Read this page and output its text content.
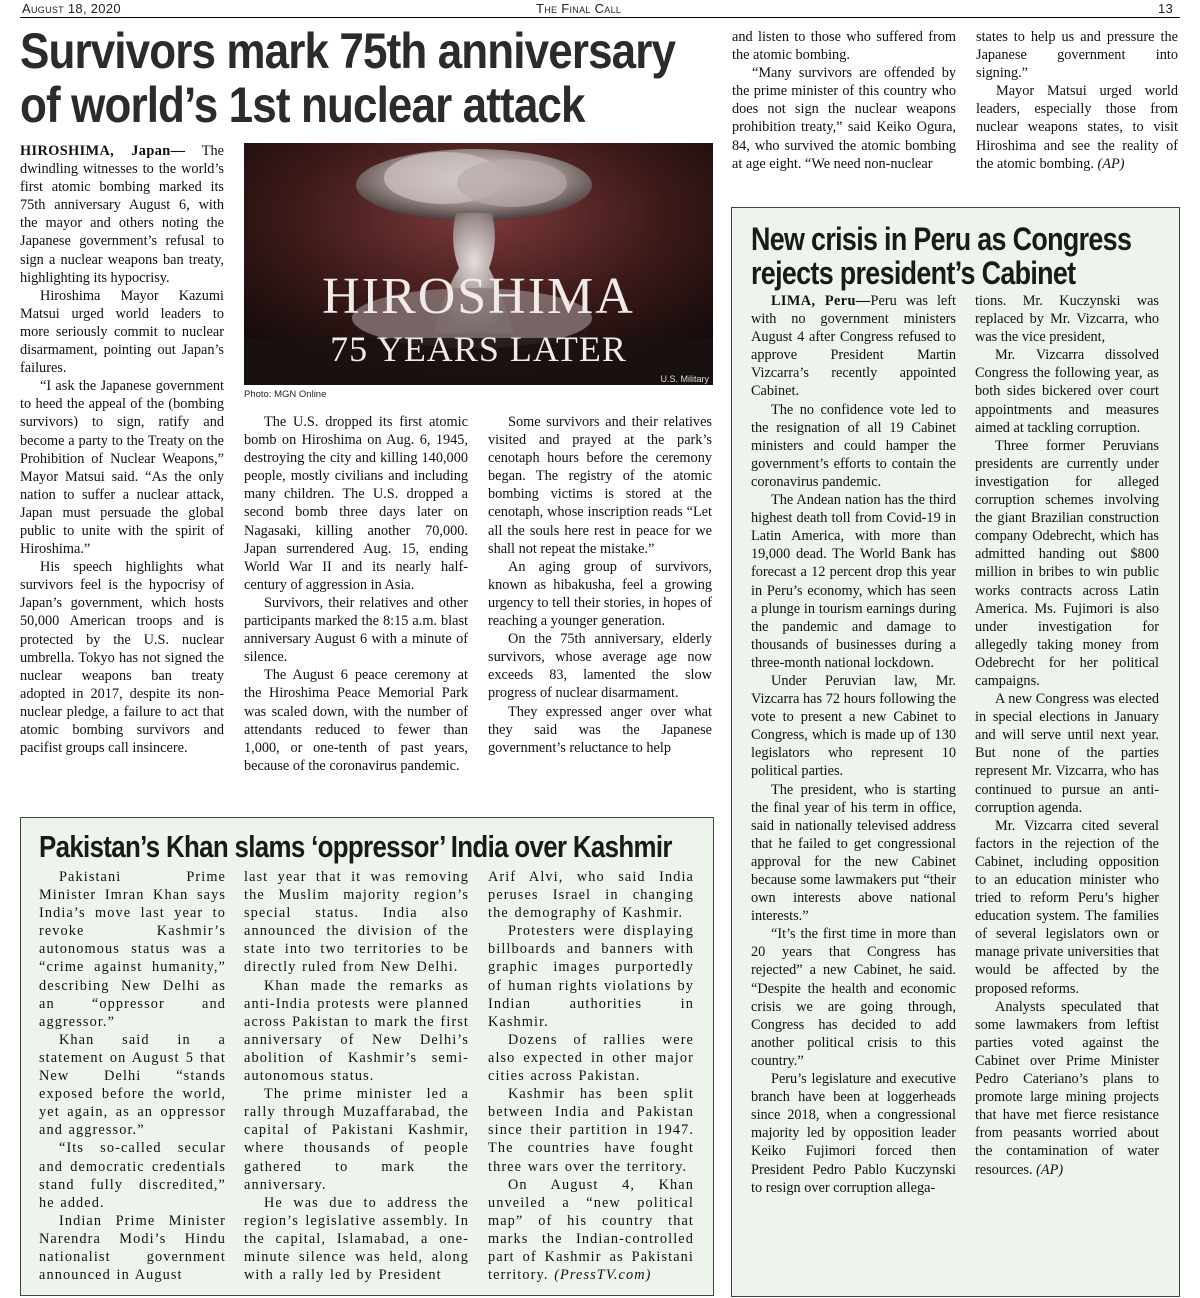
August 18, 2020	The Final Call	13
Survivors mark 75th anniversary
of world’s 1st nuclear attack

HIROSHIMA, Japan— The dwindling witnesses to the world’s first atomic bombing marked its 75th anniversary August 6, with the mayor and others noting the Japanese government’s refusal to sign a nuclear weapons ban treaty, highlighting its hypocrisy.

Hiroshima Mayor Kazumi Matsui urged world leaders to more seriously commit to nuclear disarmament, pointing out Japan’s failures.

“I ask the Japanese government to heed the appeal of the (bombing survivors) to sign, ratify and become a party to the Treaty on the Prohibition of Nuclear Weapons,” Mayor Matsui said. “As the only nation to suffer a nuclear attack, Japan must persuade the global public to unite with the spirit of Hiroshima.”

His speech highlights what survivors feel is the hypocrisy of Japan’s government, which hosts 50,000 American troops and is protected by the U.S. nuclear umbrella. Tokyo has not signed the nuclear weapons ban treaty adopted in 2017, despite its non-nuclear pledge, a failure to act that atomic bombing survivors and pacifist groups call insincere.

HIROSHIMA
75 YEARS LATER
U.S. Military
Photo: MGN Online

The U.S. dropped its first atomic bomb on Hiroshima on Aug. 6, 1945, destroying the city and killing 140,000 people, mostly civilians and including many children. The U.S. dropped a second bomb three days later on Nagasaki, killing another 70,000. Japan surrendered Aug. 15, ending World War II and its nearly half-century of aggression in Asia.

Survivors, their relatives and other participants marked the 8:15 a.m. blast anniversary August 6 with a minute of silence.

The August 6 peace ceremony at the Hiroshima Peace Memorial Park was scaled down, with the number of attendants reduced to fewer than 1,000, or one-tenth of past years, because of the coronavirus pandemic.

Some survivors and their relatives visited and prayed at the park’s cenotaph hours before the ceremony began. The registry of the atomic bombing victims is stored at the cenotaph, whose inscription reads “Let all the souls here rest in peace for we shall not repeat the mistake.”

An aging group of survivors, known as hibakusha, feel a growing urgency to tell their stories, in hopes of reaching a younger generation.

On the 75th anniversary, elderly survivors, whose average age now exceeds 83, lamented the slow progress of nuclear disarmament.

They expressed anger over what they said was the Japanese government’s reluctance to help

and listen to those who suffered from the atomic bombing.

“Many survivors are offended by the prime minister of this country who does not sign the nuclear weapons prohibition treaty,” said Keiko Ogura, 84, who survived the atomic bombing at age eight. “We need non-nuclear

states to help us and pressure the Japanese government into signing.”

Mayor Matsui urged world leaders, especially those from nuclear weapons states, to visit Hiroshima and see the reality of the atomic bombing. (AP)

New crisis in Peru as Congress
rejects president’s Cabinet

LIMA, Peru—Peru was left with no government ministers August 4 after Congress refused to approve President Martin Vizcarra’s recently appointed Cabinet.

The no confidence vote led to the resignation of all 19 Cabinet ministers and could hamper the government’s efforts to contain the coronavirus pandemic.

The Andean nation has the third highest death toll from Covid-19 in Latin America, with more than 19,000 dead. The World Bank has forecast a 12 percent drop this year in Peru’s economy, which has seen a plunge in tourism earnings during the pandemic and damage to thousands of businesses during a three-month national lockdown.

Under Peruvian law, Mr. Vizcarra has 72 hours following the vote to present a new Cabinet to Congress, which is made up of 130 legislators who represent 10 political parties.

The president, who is starting the final year of his term in office, said in nationally televised address that he failed to get congressional approval for the new Cabinet because some lawmakers put “their own interests above national interests.”

“It’s the first time in more than 20 years that Congress has rejected” a new Cabinet, he said. “Despite the health and economic crisis we are going through, Congress has decided to add another political crisis to this country.”

Peru’s legislature and executive branch have been at loggerheads since 2018, when a congressional majority led by opposition leader Keiko Fujimori forced then President Pedro Pablo Kuczynski to resign over corruption allega-

tions. Mr. Kuczynski was replaced by Mr. Vizcarra, who was the vice president,

Mr. Vizcarra dissolved Congress the following year, as both sides bickered over court appointments and measures aimed at tackling corruption.

Three former Peruvians presidents are currently under investigation for alleged corruption schemes involving the giant Brazilian construction company Odebrecht, which has admitted handing out $800 million in bribes to win public works contracts across Latin America. Ms. Fujimori is also under investigation for allegedly taking money from Odebrecht for her political campaigns.

A new Congress was elected in special elections in January and will serve until next year. But none of the parties represent Mr. Vizcarra, who has continued to pursue an anti-corruption agenda.

Mr. Vizcarra cited several factors in the rejection of the Cabinet, including opposition to an education minister who tried to reform Peru’s higher education system. The families of several legislators own or manage private universities that would be affected by the proposed reforms.

Analysts speculated that some lawmakers from leftist parties voted against the Cabinet over Prime Minister Pedro Cateriano’s plans to promote large mining projects that have met fierce resistance from peasants worried about the contamination of water resources. (AP)

Pakistan’s Khan slams ‘oppressor’ India over Kashmir

Pakistani Prime Minister Imran Khan says India’s move last year to revoke Kashmir’s autonomous status was a “crime against humanity,” describing New Delhi as an “oppressor and aggressor.”

Khan said in a statement on August 5 that New Delhi “stands exposed before the world, yet again, as an oppressor and aggressor.”

“Its so-called secular and democratic credentials stand fully discredited,” he added.

Indian Prime Minister Narendra Modi’s Hindu nationalist government announced in August

last year that it was removing the Muslim majority region’s special status. India also announced the division of the state into two territories to be directly ruled from New Delhi.

Khan made the remarks as anti-India protests were planned across Pakistan to mark the first anniversary of New Delhi’s abolition of Kashmir’s semi-autonomous status.

The prime minister led a rally through Muzaffarabad, the capital of Pakistani Kashmir, where thousands of people gathered to mark the anniversary.

He was due to address the region’s legislative assembly. In the capital, Islamabad, a one-minute silence was held, along with a rally led by President

Arif Alvi, who said India peruses Israel in changing the demography of Kashmir.

Protesters were displaying billboards and banners with graphic images purportedly of human rights violations by Indian authorities in Kashmir.

Dozens of rallies were also expected in other major cities across Pakistan.

Kashmir has been split between India and Pakistan since their partition in 1947. The countries have fought three wars over the territory.

On August 4, Khan unveiled a “new political map” of his country that marks the Indian-controlled part of Kashmir as Pakistani territory. (PressTV.com)
